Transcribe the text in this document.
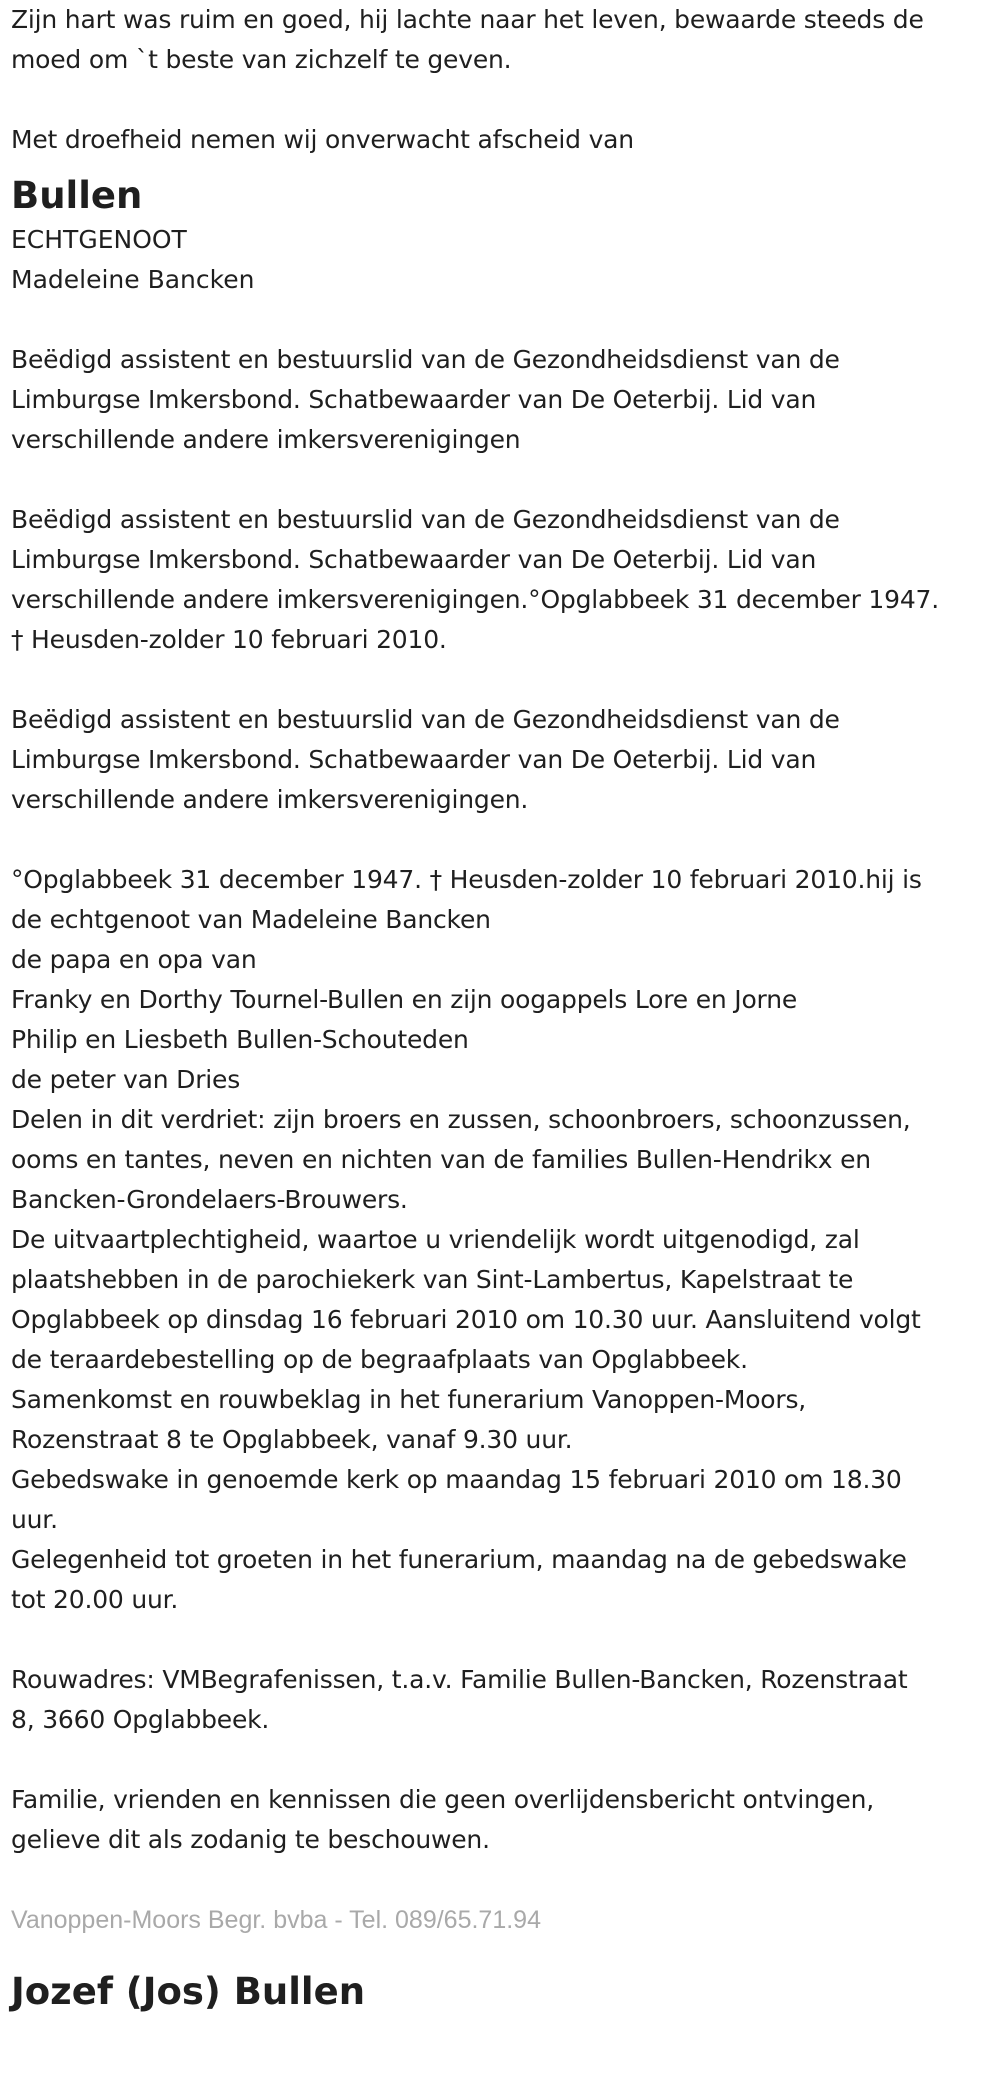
Zijn hart was ruim en goed, hij lachte naar het leven, bewaarde steeds de
moed om `t beste van zichzelf te geven.
Met droefheid nemen wij onverwacht afscheid van
Bullen
ECHTGENOOT
Madeleine Bancken
Beëdigd assistent en bestuurslid van de Gezondheidsdienst van de
Limburgse Imkersbond. Schatbewaarder van De Oeterbij. Lid van
verschillende andere imkersverenigingen
Beëdigd assistent en bestuurslid van de Gezondheidsdienst van de
Limburgse Imkersbond. Schatbewaarder van De Oeterbij. Lid van
verschillende andere imkersverenigingen.°Opglabbeek 31 december 1947.
† Heusden-zolder 10 februari 2010.
Beëdigd assistent en bestuurslid van de Gezondheidsdienst van de
Limburgse Imkersbond. Schatbewaarder van De Oeterbij. Lid van
verschillende andere imkersverenigingen.
°Opglabbeek 31 december 1947. † Heusden-zolder 10 februari 2010.hij is
de echtgenoot van Madeleine Bancken
de papa en opa van
Franky en Dorthy Tournel-Bullen en zijn oogappels Lore en Jorne
Philip en Liesbeth Bullen-Schouteden
de peter van Dries
Delen in dit verdriet: zijn broers en zussen, schoonbroers, schoonzussen,
ooms en tantes, neven en nichten van de families Bullen-Hendrikx en
Bancken-Grondelaers-Brouwers.
De uitvaartplechtigheid, waartoe u vriendelijk wordt uitgenodigd, zal
plaatshebben in de parochiekerk van Sint-Lambertus, Kapelstraat te
Opglabbeek op dinsdag 16 februari 2010 om 10.30 uur. Aansluitend volgt
de teraardebestelling op de begraafplaats van Opglabbeek.
Samenkomst en rouwbeklag in het funerarium Vanoppen-Moors,
Rozenstraat 8 te Opglabbeek, vanaf 9.30 uur.
Gebedswake in genoemde kerk op maandag 15 februari 2010 om 18.30
uur.
Gelegenheid tot groeten in het funerarium, maandag na de gebedswake
tot 20.00 uur.
Rouwadres: VMBegrafenissen, t.a.v. Familie Bullen-Bancken, Rozenstraat
8, 3660 Opglabbeek.
Familie, vrienden en kennissen die geen overlijdensbericht ontvingen,
gelieve dit als zodanig te beschouwen.
Vanoppen-Moors Begr. bvba - Tel. 089/65.71.94
Jozef (Jos) Bullen
